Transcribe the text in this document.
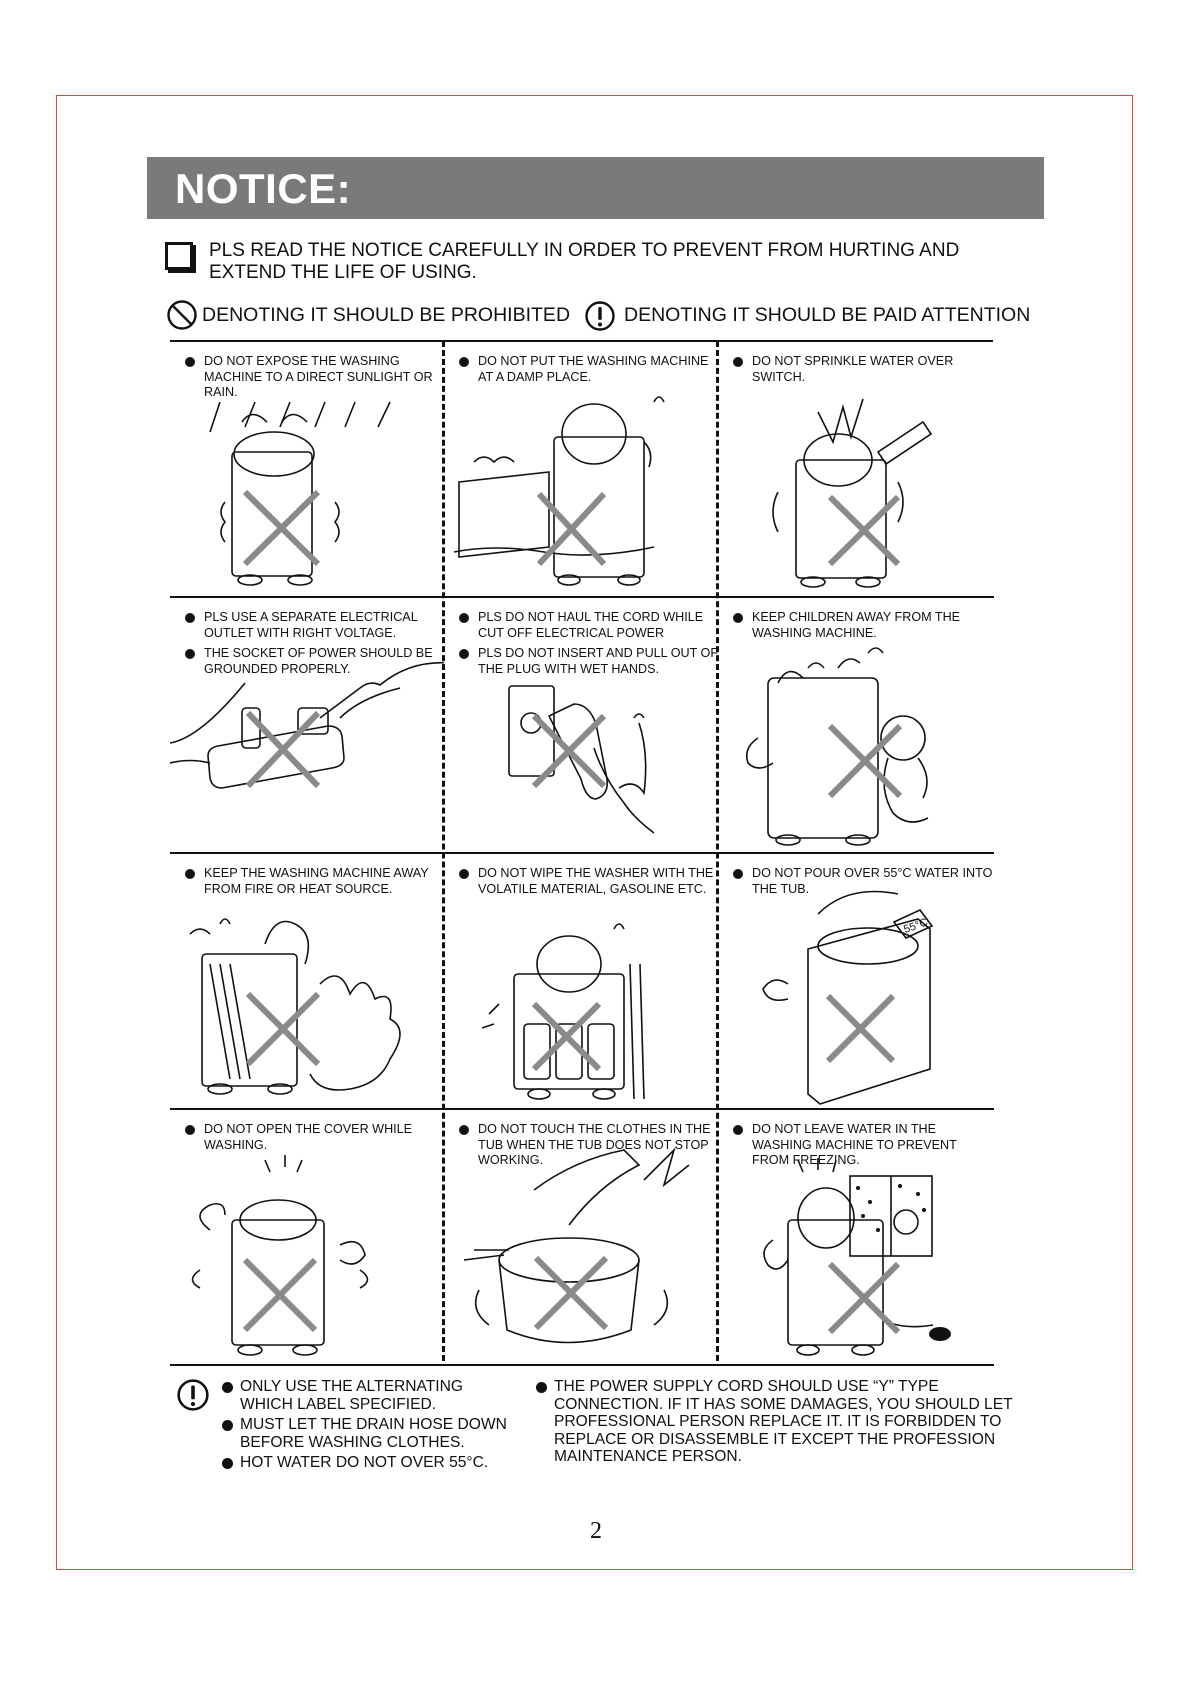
NOTICE:
PLS READ THE NOTICE CAREFULLY IN ORDER TO PREVENT FROM HURTING AND EXTEND THE LIFE OF USING.
DENOTING IT SHOULD BE PROHIBITED	DENOTING IT SHOULD BE PAID ATTENTION
DO NOT EXPOSE THE WASHING MACHINE TO A DIRECT SUNLIGHT OR RAIN.
DO NOT PUT THE WASHING MACHINE AT A DAMP PLACE.
DO NOT SPRINKLE WATER OVER SWITCH.
PLS USE A SEPARATE ELECTRICAL OUTLET WITH RIGHT VOLTAGE.
THE SOCKET OF POWER SHOULD BE GROUNDED PROPERLY.
PLS DO NOT HAUL THE CORD WHILE CUT OFF ELECTRICAL POWER
PLS DO NOT INSERT AND PULL OUT OF THE PLUG WITH WET HANDS.
KEEP CHILDREN AWAY FROM THE WASHING MACHINE.
KEEP THE WASHING MACHINE AWAY FROM FIRE OR HEAT SOURCE.
DO NOT WIPE THE WASHER WITH THE VOLATILE MATERIAL, GASOLINE ETC.
55°C
DO NOT POUR OVER 55°C WATER INTO THE TUB.
DO NOT OPEN THE COVER WHILE WASHING.
DO NOT TOUCH THE CLOTHES IN THE TUB WHEN THE TUB DOES NOT STOP WORKING.
DO NOT LEAVE WATER IN THE WASHING MACHINE TO PREVENT FROM FREEZING.
ONLY USE THE ALTERNATING WHICH LABEL SPECIFIED.
MUST LET THE DRAIN HOSE DOWN BEFORE WASHING CLOTHES.
HOT WATER DO NOT OVER 55°C.
THE POWER SUPPLY CORD SHOULD USE “Y” TYPE CONNECTION. IF IT HAS SOME DAMAGES, YOU SHOULD LET PROFESSIONAL PERSON REPLACE IT. IT IS FORBIDDEN TO REPLACE OR DISASSEMBLE IT EXCEPT THE PROFESSION MAINTENANCE PERSON.
2
